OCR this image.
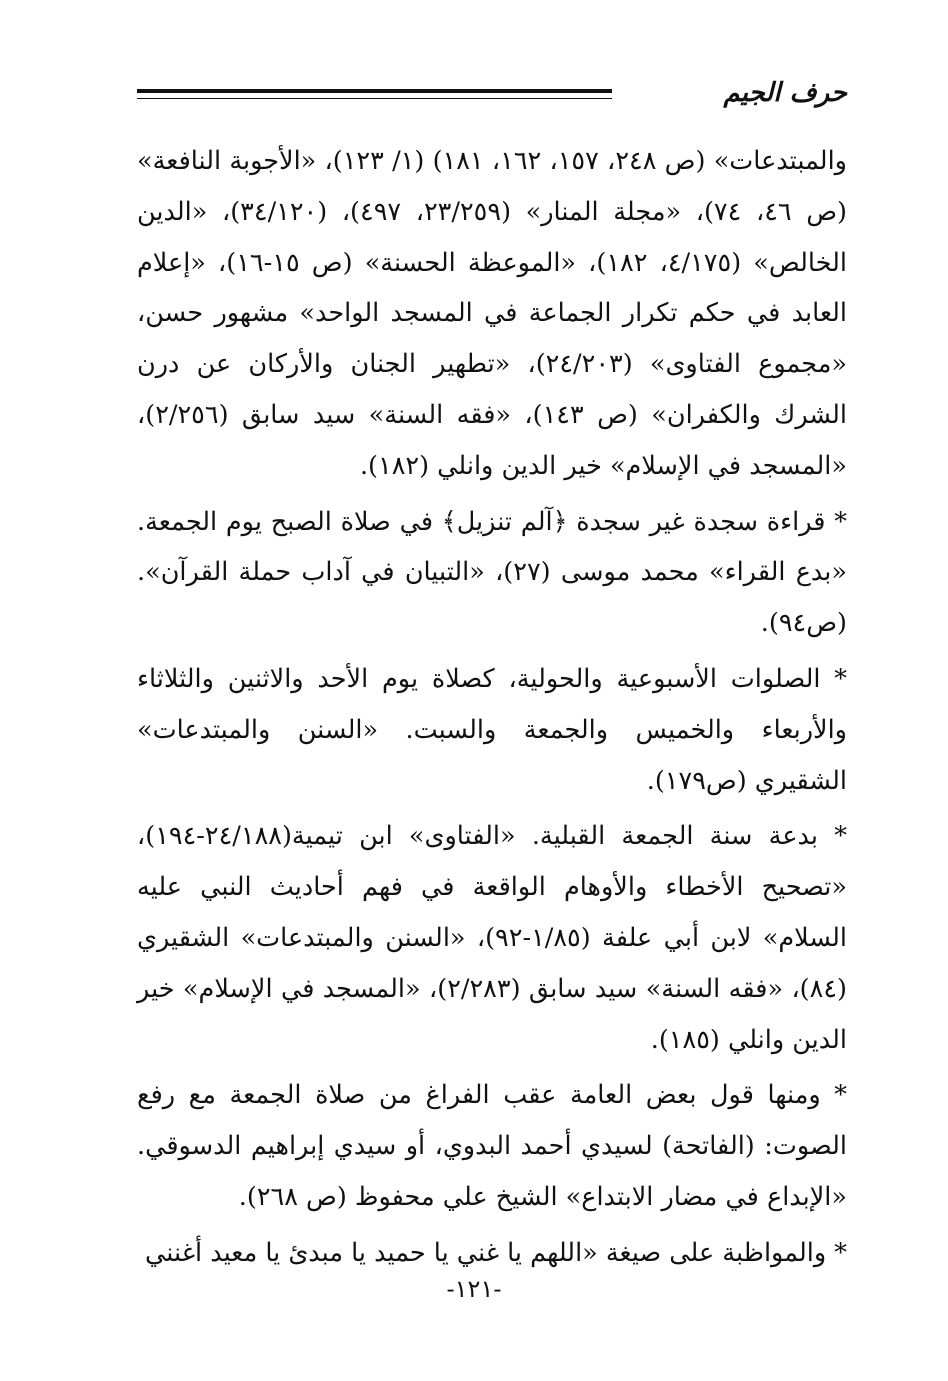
حرف الجيم

والمبتدعات» (ص ٢٤٨، ١٥٧، ١٦٢، ١٨١) (١/ ١٢٣)، «الأجوبة النافعة» (ص ٤٦، ٧٤)، «مجلة المنار» (٢٣/٢٥٩، ٤٩٧)، (٣٤/١٢٠)، «الدين الخالص» (٤/١٧٥، ١٨٢)، «الموعظة الحسنة» (ص ١٥-١٦)، «إعلام العابد في حكم تكرار الجماعة في المسجد الواحد» مشهور حسن، «مجموع الفتاوى» (٢٤/٢٠٣)، «تطهير الجنان والأركان عن درن الشرك والكفران» (ص ١٤٣)، «فقه السنة» سيد سابق (٢/٢٥٦)، «المسجد في الإسلام» خير الدين وانلي (١٨٢).

* قراءة سجدة غير سجدة ﴿آلم تنزيل﴾ في صلاة الصبح يوم الجمعة. «بدع القراء» محمد موسى (٢٧)، «التبيان في آداب حملة القرآن». (ص٩٤).

* الصلوات الأسبوعية والحولية، كصلاة يوم الأحد والاثنين والثلاثاء والأربعاء والخميس والجمعة والسبت. «السنن والمبتدعات» الشقيري (ص١٧٩).

* بدعة سنة الجمعة القبلية. «الفتاوى» ابن تيمية(٢٤/١٨٨-١٩٤)، «تصحيح الأخطاء والأوهام الواقعة في فهم أحاديث النبي عليه السلام» لابن أبي علفة (١/٨٥-٩٢)، «السنن والمبتدعات» الشقيري (٨٤)، «فقه السنة» سيد سابق (٢/٢٨٣)، «المسجد في الإسلام» خير الدين وانلي (١٨٥).

* ومنها قول بعض العامة عقب الفراغ من صلاة الجمعة مع رفع الصوت: (الفاتحة) لسيدي أحمد البدوي، أو سيدي إبراهيم الدسوقي. «الإبداع في مضار الابتداع» الشيخ علي محفوظ (ص ٢٦٨).

* والمواظبة على صيغة «اللهم يا غني يا حميد يا مبدئ يا معيد أغنني

-١٢١-
